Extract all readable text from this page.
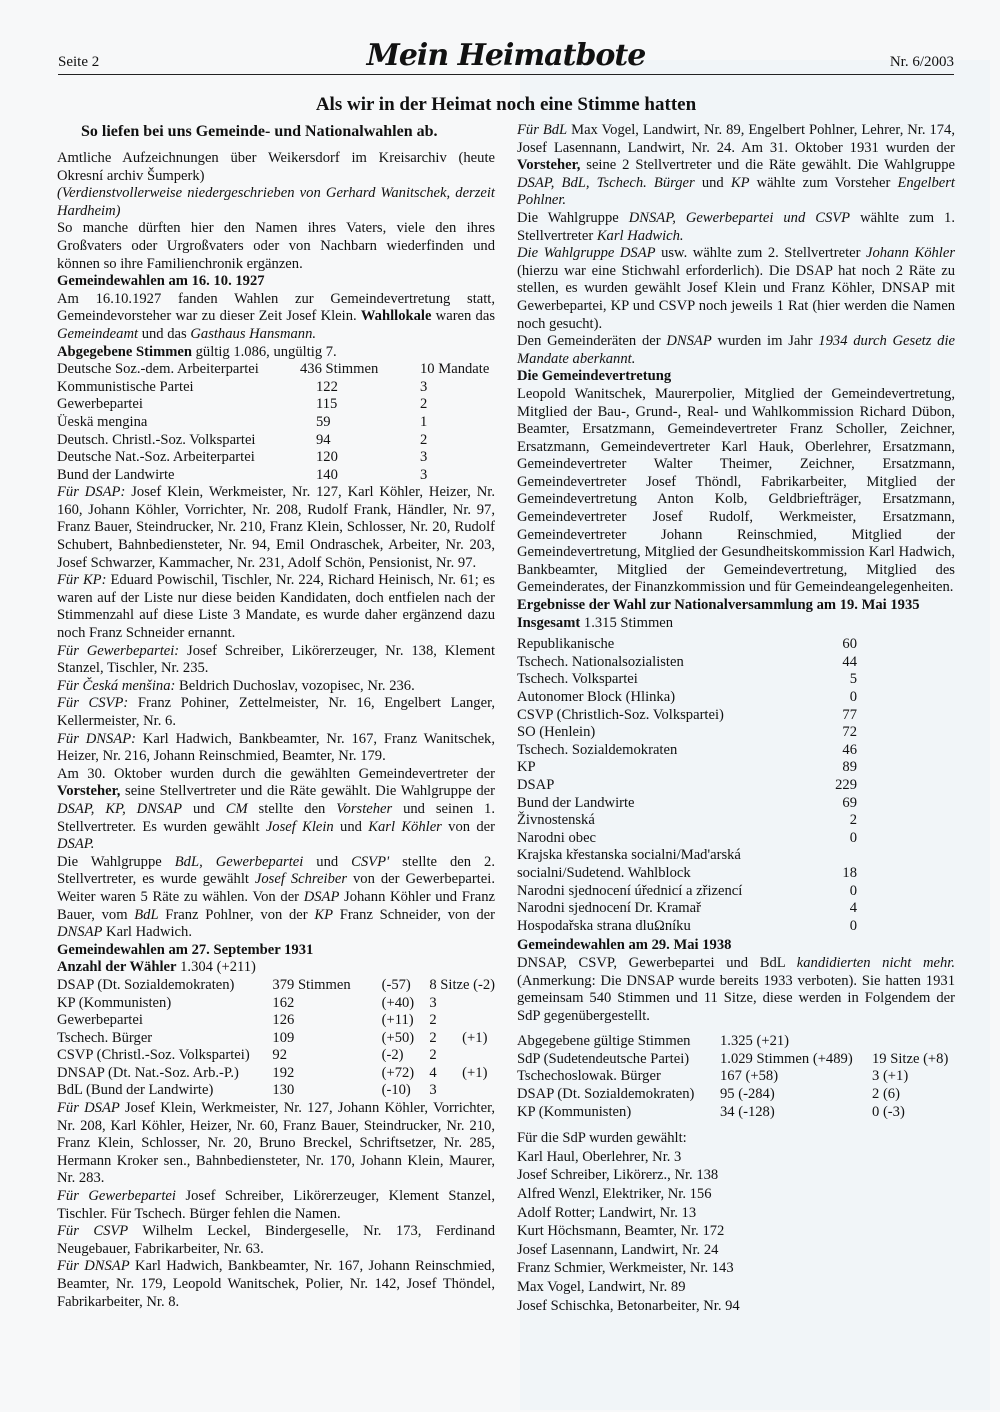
Seite 2	Mein Heimatbote	Nr. 6/2003
Als wir in der Heimat noch eine Stimme hatten
So liefen bei uns Gemeinde- und Nationalwahlen ab.

Amtliche Aufzeichnungen über Weikersdorf im Kreisarchiv (heute Okresní archiv Šumperk)

(Verdienstvollerweise niedergeschrieben von Gerhard Wanitschek, derzeit Hardheim)

So manche dürften hier den Namen ihres Vaters, viele den ihres Großvaters oder Urgroßvaters oder von Nachbarn wiederfinden und können so ihre Familienchronik ergänzen.

Gemeindewahlen am 16. 10. 1927

Am 16.10.1927 fanden Wahlen zur Gemeindevertretung statt, Gemeindevorsteher war zu dieser Zeit Josef Klein. Wahllokale waren das Gemeindeamt und das Gasthaus Hansmann.

Abgegebene Stimmen gültig 1.086, ungültig 7.
Deutsche Soz.-dem. Arbeiterpartei	436 Stimmen	10 Mandate
Kommunistische Partei	122	3
Gewerbepartei	115	2
Üeskä mengina	59	1
Deutsch. Christl.-Soz. Volkspartei	94	2
Deutsche Nat.-Soz. Arbeiterpartei	120	3
Bund der Landwirte	140	3

Für DSAP: Josef Klein, Werkmeister, Nr. 127, Karl Köhler, Heizer, Nr. 160, Johann Köhler, Vorrichter, Nr. 208, Rudolf Frank, Händler, Nr. 97, Franz Bauer, Steindrucker, Nr. 210, Franz Klein, Schlosser, Nr. 20, Rudolf Schubert, Bahnbediensteter, Nr. 94, Emil Ondraschek, Arbeiter, Nr. 203, Josef Schwarzer, Kammacher, Nr. 231, Adolf Schön, Pensionist, Nr. 97.

Für KP: Eduard Powischil, Tischler, Nr. 224, Richard Heinisch, Nr. 61; es waren auf der Liste nur diese beiden Kandidaten, doch entfielen nach der Stimmenzahl auf diese Liste 3 Mandate, es wurde daher ergänzend dazu noch Franz Schneider ernannt.

Für Gewerbepartei: Josef Schreiber, Likörerzeuger, Nr. 138, Klement Stanzel, Tischler, Nr. 235.

Für Česká menšina: Beldrich Duchoslav, vozopisec, Nr. 236.

Für CSVP: Franz Pohiner, Zettelmeister, Nr. 16, Engelbert Langer, Kellermeister, Nr. 6.

Für DNSAP: Karl Hadwich, Bankbeamter, Nr. 167, Franz Wanitschek, Heizer, Nr. 216, Johann Reinschmied, Beamter, Nr. 179.

Am 30. Oktober wurden durch die gewählten Gemeindevertreter der Vorsteher, seine Stellvertreter und die Räte gewählt. Die Wahlgruppe der DSAP, KP, DNSAP und CM stellte den Vorsteher und seinen 1. Stellvertreter. Es wurden gewählt Josef Klein und Karl Köhler von der DSAP.

Die Wahlgruppe BdL, Gewerbepartei und CSVP' stellte den 2. Stellvertreter, es wurde gewählt Josef Schreiber von der Gewerbepartei. Weiter waren 5 Räte zu wählen. Von der DSAP Johann Köhler und Franz Bauer, vom BdL Franz Pohlner, von der KP Franz Schneider, von der DNSAP Karl Hadwich.

Gemeindewahlen am 27. September 1931
Anzahl der Wähler 1.304 (+211)
DSAP (Dt. Sozialdemokraten)	379 Stimmen	(-57)	8 Sitze (-2)
KP (Kommunisten)	162	(+40)	3
Gewerbepartei	126	(+11)	2
Tschech. Bürger	109	(+50)	2       (+1)
CSVP (Christl.-Soz. Volkspartei)	92	(-2)	2
DNSAP (Dt. Nat.-Soz. Arb.-P.)	192	(+72)	4       (+1)
BdL (Bund der Landwirte)	130	(-10)	3

Für DSAP Josef Klein, Werkmeister, Nr. 127, Johann Köhler, Vorrichter, Nr. 208, Karl Köhler, Heizer, Nr. 60, Franz Bauer, Steindrucker, Nr. 210, Franz Klein, Schlosser, Nr. 20, Bruno Breckel, Schriftsetzer, Nr. 285, Hermann Kroker sen., Bahnbediensteter, Nr. 170, Johann Klein, Maurer, Nr. 283.

Für Gewerbepartei Josef Schreiber, Likörerzeuger, Klement Stanzel, Tischler. Für Tschech. Bürger fehlen die Namen.

Für CSVP Wilhelm Leckel, Bindergeselle, Nr. 173, Ferdinand Neugebauer, Fabrikarbeiter, Nr. 63.

Für DNSAP Karl Hadwich, Bankbeamter, Nr. 167, Johann Reinschmied, Beamter, Nr. 179, Leopold Wanitschek, Polier, Nr. 142, Josef Thöndel, Fabrikarbeiter, Nr. 8.

Für BdL Max Vogel, Landwirt, Nr. 89, Engelbert Pohlner, Lehrer, Nr. 174, Josef Lasennann, Landwirt, Nr. 24. Am 31. Oktober 1931 wurden der Vorsteher, seine 2 Stellvertreter und die Räte gewählt. Die Wahlgruppe DSAP, BdL, Tschech. Bürger und KP wählte zum Vorsteher Engelbert Pohlner.

Die Wahlgruppe DNSAP, Gewerbepartei und CSVP wählte zum 1. Stellvertreter Karl Hadwich.

Die Wahlgruppe DSAP usw. wählte zum 2. Stellvertreter Johann Köhler (hierzu war eine Stichwahl erforderlich). Die DSAP hat noch 2 Räte zu stellen, es wurden gewählt Josef Klein und Franz Köhler, DNSAP mit Gewerbepartei, KP und CSVP noch jeweils 1 Rat (hier werden die Namen noch gesucht).

Den Gemeinderäten der DNSAP wurden im Jahr 1934 durch Gesetz die Mandate aberkannt.

Die Gemeindevertretung

Leopold Wanitschek, Maurerpolier, Mitglied der Gemeindevertretung, Mitglied der Bau-, Grund-, Real- und Wahlkommission Richard Dübon, Beamter, Ersatzmann, Gemeindevertreter Franz Scholler, Zeichner, Ersatzmann, Gemeindevertreter Karl Hauk, Oberlehrer, Ersatzmann, Gemeindevertreter Walter Theimer, Zeichner, Ersatzmann, Gemeindevertreter Josef Thöndl, Fabrikarbeiter, Mitglied der Gemeindevertretung Anton Kolb, Geldbriefträger, Ersatzmann, Gemeindevertreter Josef Rudolf, Werkmeister, Ersatzmann, Gemeindevertreter Johann Reinschmied, Mitglied der Gemeindevertretung, Mitglied der Gesundheitskommission Karl Hadwich, Bankbeamter, Mitglied der Gemeindevertretung, Mitglied des Gemeinderates, der Finanzkommission und für Gemeindeangelegenheiten.

Ergebnisse der Wahl zur Nationalversammlung am 19. Mai 1935
Insgesamt 1.315 Stimmen
Republikanische	60
Tschech. Nationalsozialisten	44
Tschech. Volkspartei	5
Autonomer Block (Hlinka)	0
CSVP (Christlich-Soz. Volkspartei)	77
SO (Henlein)	72
Tschech. Sozialdemokraten	46
KP	89
DSAP	229
Bund der Landwirte	69
Živnostenská	2
Narodni obec	0
Krajska křestanska socialni/Mad'arská	
socialni/Sudetend. Wahlblock	18
Narodni sjednocení úřednicí a zřizencí	0
Narodni sjednocení Dr. Kramař	4
Hospodařska strana dluΩníku	0
Gemeindewahlen am 29. Mai 1938

DNSAP, CSVP, Gewerbepartei und BdL kandidierten nicht mehr. (Anmerkung: Die DNSAP wurde bereits 1933 verboten). Sie hatten 1931 gemeinsam 540 Stimmen und 11 Sitze, diese werden in Folgendem der SdP gegenübergestellt.

Abgegebene gültige Stimmen	1.325 (+21)	
SdP (Sudetendeutsche Partei)	1.029 Stimmen (+489)	19 Sitze (+8)
Tschechoslowak. Bürger	167 (+58)	3 (+1)
DSAP (Dt. Sozialdemokraten)	95 (-284)	2 (6)
KP (Kommunisten)	34 (-128)	0 (-3)
Für die SdP wurden gewählt:
Karl Haul, Oberlehrer, Nr. 3
Josef Schreiber, Likörerz., Nr. 138
Alfred Wenzl, Elektriker, Nr. 156
Adolf Rotter; Landwirt, Nr. 13
Kurt Höchsmann, Beamter, Nr. 172
Josef Lasennann, Landwirt, Nr. 24
Franz Schmier, Werkmeister, Nr. 143
Max Vogel, Landwirt, Nr. 89
Josef Schischka, Betonarbeiter, Nr. 94
